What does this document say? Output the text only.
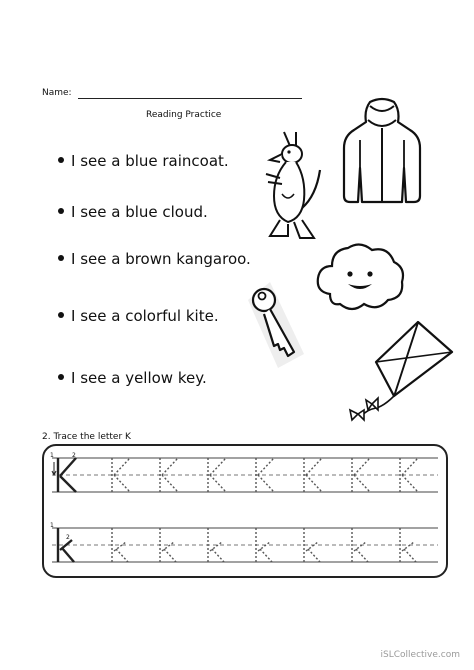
Name:
Reading Practice
I see a blue raincoat.
I see a blue cloud.
I see a brown kangaroo.
I see a colorful kite.
I see a yellow key.
2. Trace the letter K
1	2
1
2
iSLCollective.com
